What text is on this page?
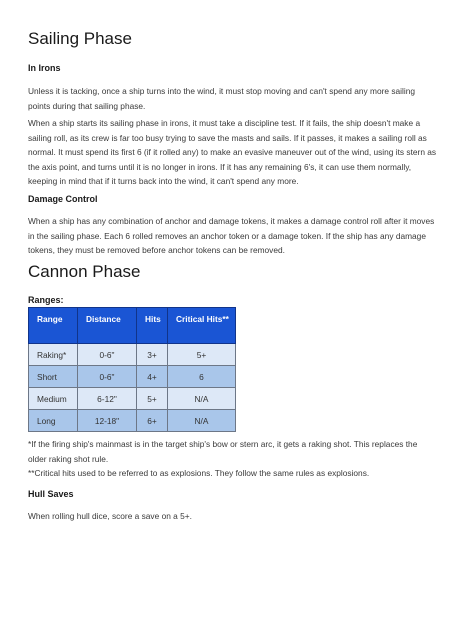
Sailing Phase
In Irons

Unless it is tacking, once a ship turns into the wind, it must stop moving and can't spend any more sailing
points during that sailing phase.

When a ship starts its sailing phase in irons, it must take a discipline test. If it fails, the ship doesn't make a
sailing roll, as its crew is far too busy trying to save the masts and sails. If it passes, it makes a sailing roll as
normal. It must spend its first 6 (if it rolled any) to make an evasive maneuver out of the wind, using its stern as
the axis point, and turns until it is no longer in irons. If it has any remaining 6's, it can use them normally,
keeping in mind that if it turns back into the wind, it can't spend any more.

Damage Control

When a ship has any combination of anchor and damage tokens, it makes a damage control roll after it moves
in the sailing phase. Each 6 rolled removes an anchor token or a damage token. If the ship has any damage
tokens, they must be removed before anchor tokens can be removed.

Cannon Phase
Ranges:
Range	Distance	Hits	Critical Hits**
Raking*	0-6"	3+	5+
Short	0-6"	4+	6
Medium	6-12"	5+	N/A
Long	12-18"	6+	N/A

*If the firing ship's mainmast is in the target ship's bow or stern arc, it gets a raking shot. This replaces the
older raking shot rule.
**Critical hits used to be referred to as explosions. They follow the same rules as explosions.

Hull Saves

When rolling hull dice, score a save on a 5+.
